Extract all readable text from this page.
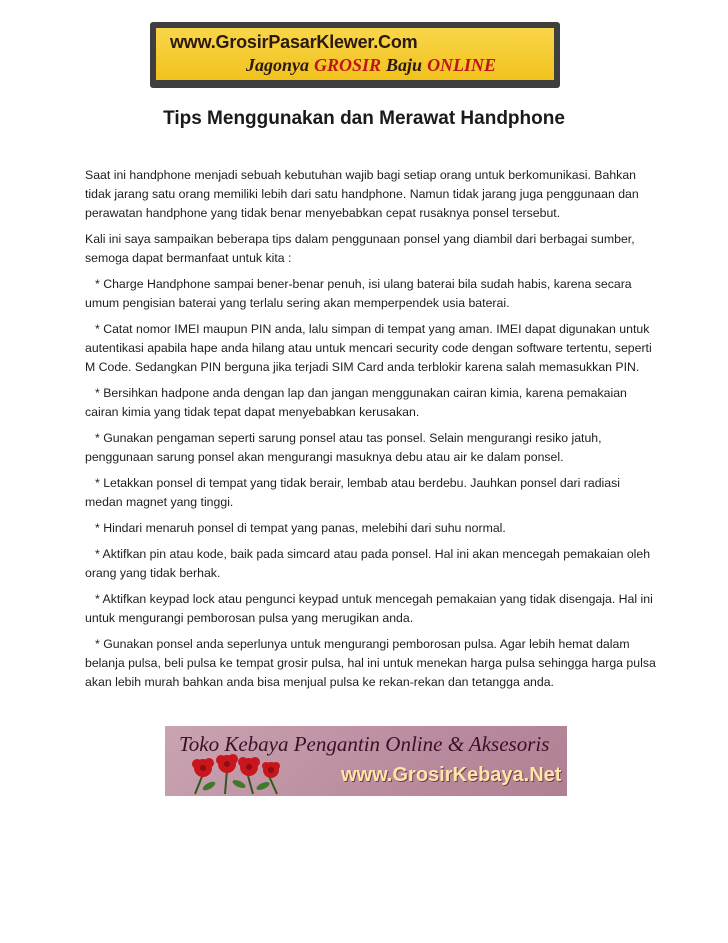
www.GrosirPasarKlewer.Com
Jagonya GROSIR Baju ONLINE
Tips Menggunakan dan Merawat Handphone

Saat ini handphone menjadi sebuah kebutuhan wajib bagi setiap orang untuk berkomunikasi. Bahkan tidak jarang satu orang memiliki lebih dari satu handphone. Namun tidak jarang juga penggunaan dan perawatan handphone yang tidak benar menyebabkan cepat rusaknya ponsel tersebut.

Kali ini saya sampaikan beberapa tips dalam penggunaan ponsel yang diambil dari berbagai sumber, semoga dapat bermanfaat untuk kita :

* Charge Handphone sampai bener-benar penuh, isi ulang baterai bila sudah habis, karena secara umum pengisian baterai yang terlalu sering akan memperpendek usia baterai.

* Catat nomor IMEI maupun PIN anda, lalu simpan di tempat yang aman. IMEI dapat digunakan untuk autentikasi apabila hape anda hilang atau untuk mencari security code dengan software tertentu, seperti M Code. Sedangkan PIN berguna jika terjadi SIM Card anda terblokir karena salah memasukkan PIN.

* Bersihkan hadpone anda dengan lap dan jangan menggunakan cairan kimia, karena pemakaian cairan kimia yang tidak tepat dapat menyebabkan kerusakan.

* Gunakan pengaman seperti sarung ponsel atau tas ponsel. Selain mengurangi resiko jatuh, penggunaan sarung ponsel akan mengurangi masuknya debu atau air ke dalam ponsel.

* Letakkan ponsel di tempat yang tidak berair, lembab atau berdebu. Jauhkan ponsel dari radiasi medan magnet yang tinggi.

* Hindari menaruh ponsel di tempat yang panas, melebihi dari suhu normal.

* Aktifkan pin atau kode, baik pada simcard atau pada ponsel. Hal ini akan mencegah pemakaian oleh orang yang tidak berhak.

* Aktifkan keypad lock atau pengunci keypad untuk mencegah pemakaian yang tidak disengaja. Hal ini untuk mengurangi pemborosan pulsa yang merugikan anda.

* Gunakan ponsel anda seperlunya untuk mengurangi pemborosan pulsa. Agar lebih hemat dalam belanja pulsa, beli pulsa ke tempat grosir pulsa, hal ini untuk menekan harga pulsa sehingga harga pulsa akan lebih murah bahkan anda bisa menjual pulsa ke rekan-rekan dan tetangga anda.

Toko Kebaya Pengantin Online & Aksesoris
www.GrosirKebaya.Net
